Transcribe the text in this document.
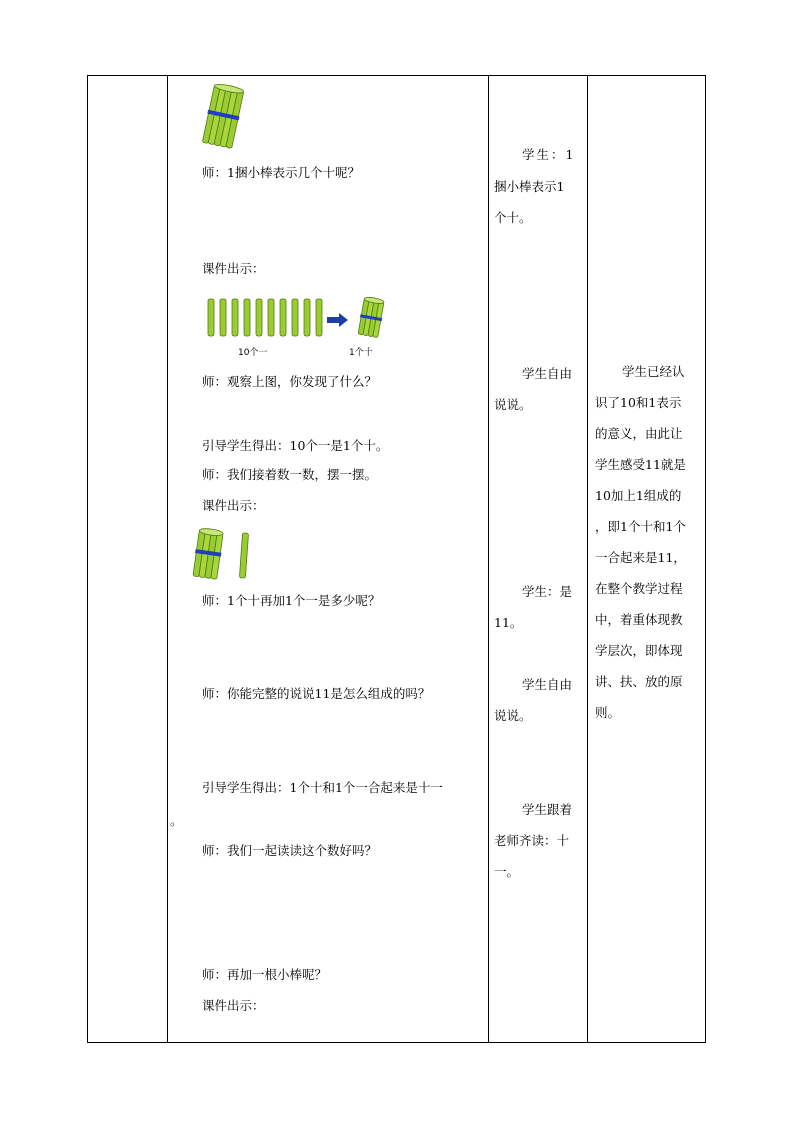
师：1捆小棒表示几个十呢？
课件出示：
10个一	1个十
师：观察上图，你发现了什么？
引导学生得出：10个一是1个十。
师：我们接着数一数，摆一摆。
课件出示：
师：1个十再加1个一是多少呢？
师：你能完整的说说11是怎么组成的吗？
引导学生得出：1个十和1个一合起来是十一
。
师：我们一起读读这个数好吗？
师：再加一根小棒呢？
课件出示：
学生：1
捆小棒表示1
个十。
学生自由
说说。
学生：是
11。
学生自由
说说。
学生跟着
老师齐读：十
一。
学生已经认
识了10和1表示
的意义，由此让
学生感受11就是
10加上1组成的
，即1个十和1个
一合起来是11，
在整个教学过程
中，着重体现教
学层次，即体现
讲、扶、放的原
则。
